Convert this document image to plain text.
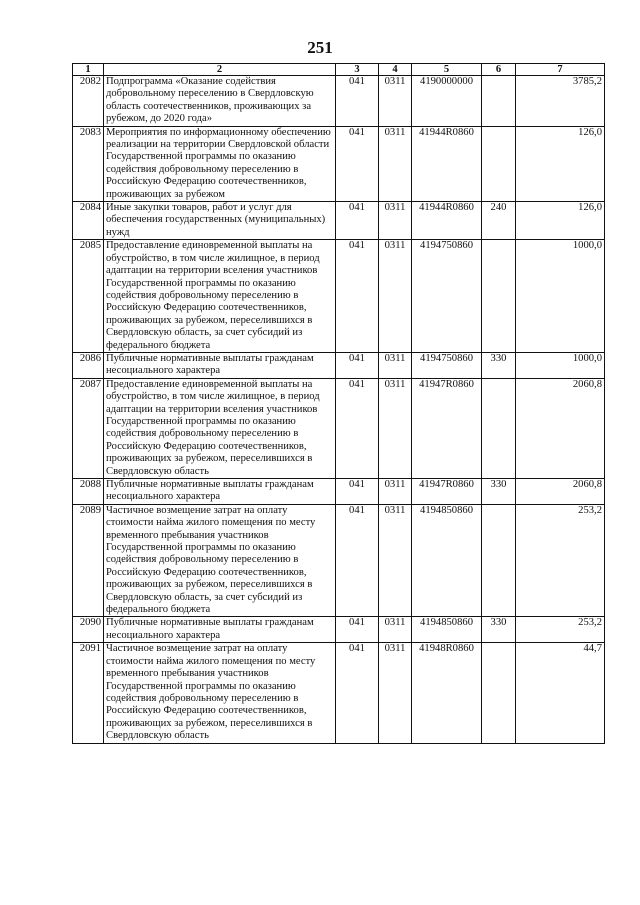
251
1	2	3	4	5	6	7
2082	Подпрограмма «Оказание содействия добровольному переселению в Свердловскую область соотечественников, проживающих за рубежом, до 2020 года»	041	0311	4190000000		3785,2
2083	Мероприятия по информационному обеспечению реализации на территории Свердловской области Государственной программы по оказанию содействия добровольному переселению в Российскую Федерацию соотечественников, проживающих за рубежом	041	0311	41944R0860		126,0
2084	Иные закупки товаров, работ и услуг для обеспечения государственных (муниципальных) нужд	041	0311	41944R0860	240	126,0
2085	Предоставление единовременной выплаты на обустройство, в том числе жилищное, в период адаптации на территории вселения участников Государственной программы по оказанию содействия добровольному переселению в Российскую Федерацию соотечественников, проживающих за рубежом, переселившихся в Свердловскую область, за счет субсидий из федерального бюджета	041	0311	4194750860		1000,0
2086	Публичные нормативные выплаты гражданам несоциального характера	041	0311	4194750860	330	1000,0
2087	Предоставление единовременной выплаты на обустройство, в том числе жилищное, в период адаптации на территории вселения участников Государственной программы по оказанию содействия добровольному переселению в Российскую Федерацию соотечественников, проживающих за рубежом, переселившихся в Свердловскую область	041	0311	41947R0860		2060,8
2088	Публичные нормативные выплаты гражданам несоциального характера	041	0311	41947R0860	330	2060,8
2089	Частичное возмещение затрат на оплату стоимости найма жилого помещения по месту временного пребывания участников Государственной программы по оказанию содействия добровольному переселению в Российскую Федерацию соотечественников, проживающих за рубежом, переселившихся в Свердловскую область, за счет субсидий из федерального бюджета	041	0311	4194850860		253,2
2090	Публичные нормативные выплаты гражданам несоциального характера	041	0311	4194850860	330	253,2
2091	Частичное возмещение затрат на оплату стоимости найма жилого помещения по месту временного пребывания участников Государственной программы по оказанию содействия добровольному переселению в Российскую Федерацию соотечественников, проживающих за рубежом, переселившихся в Свердловскую область	041	0311	41948R0860		44,7
